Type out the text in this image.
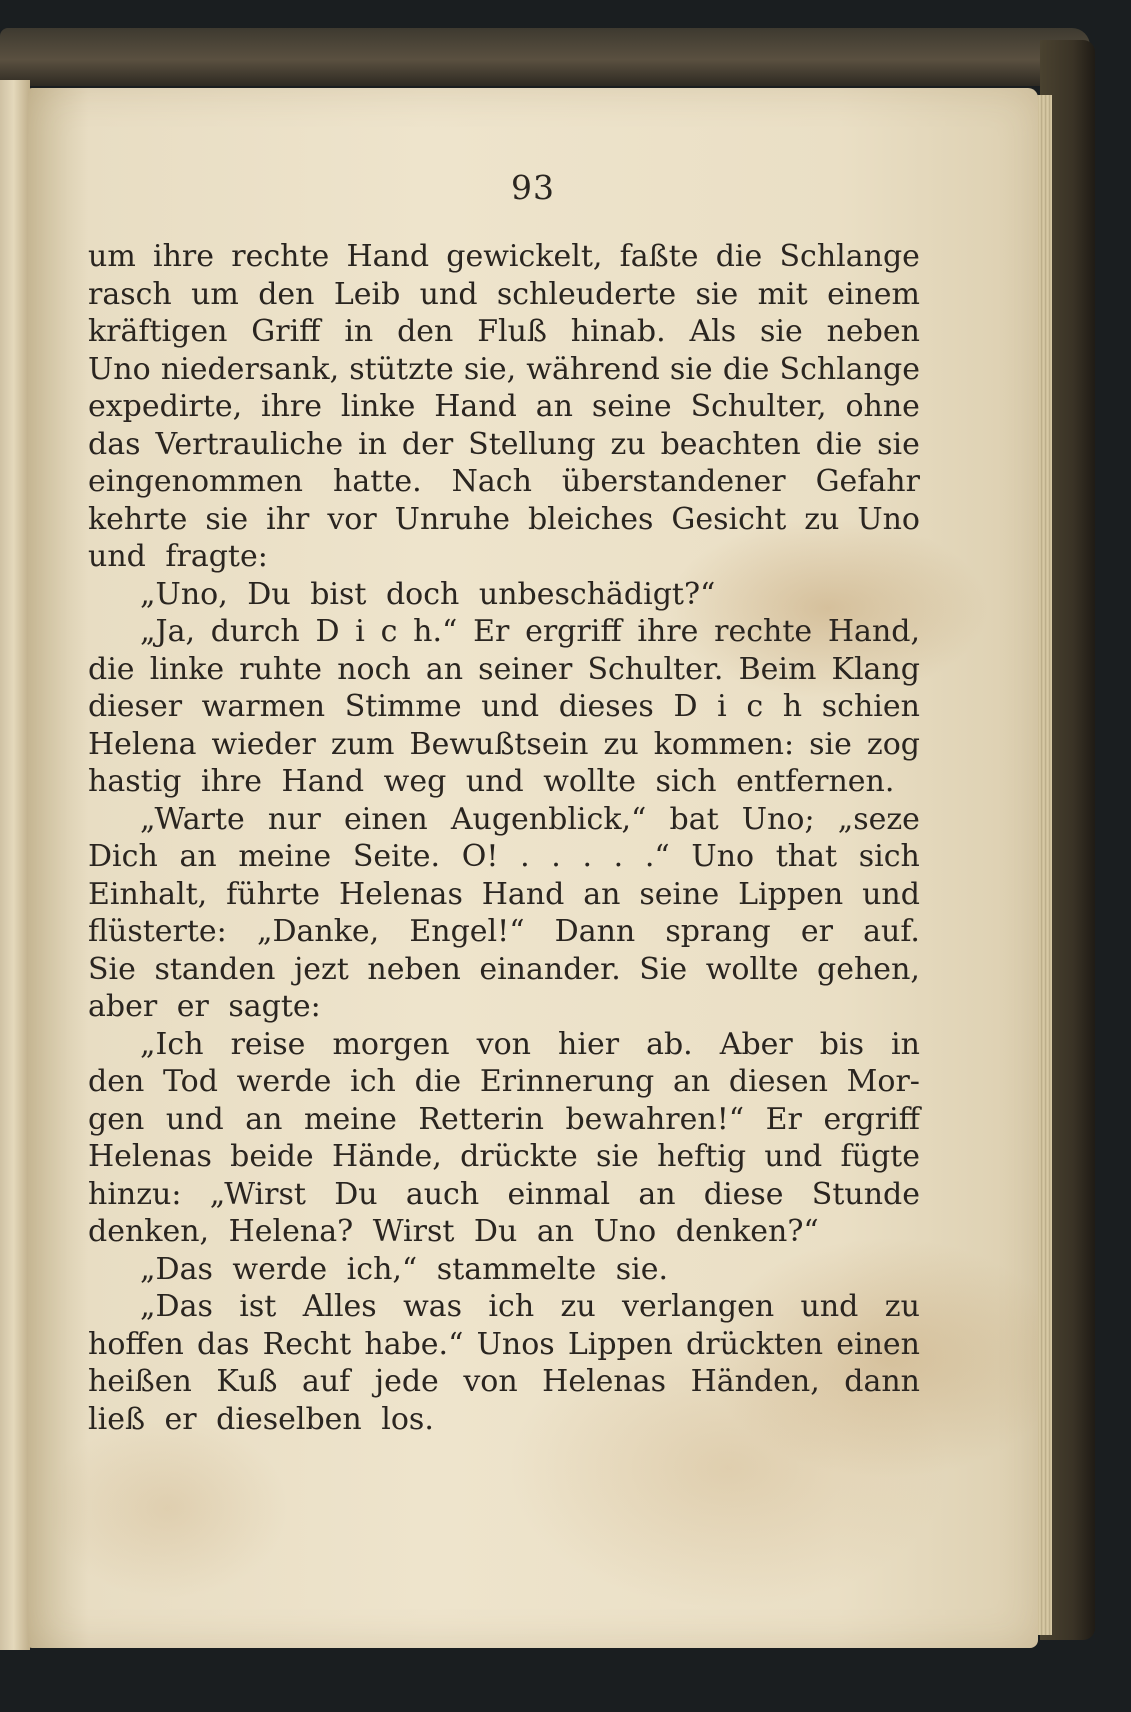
93
um ihre rechte Hand gewickelt, faßte die Schlange
rasch um den Leib und schleuderte sie mit einem
kräftigen Griff in den Fluß hinab. Als sie neben
Uno niedersank, stützte sie, während sie die Schlange
expedirte, ihre linke Hand an seine Schulter, ohne
das Vertrauliche in der Stellung zu beachten die sie
eingenommen hatte. Nach überstandener Gefahr
kehrte sie ihr vor Unruhe bleiches Gesicht zu Uno
und fragte:
„Uno, Du bist doch unbeschädigt?“
„Ja, durch D i c h.“ Er ergriff ihre rechte Hand,
die linke ruhte noch an seiner Schulter. Beim Klang
dieser warmen Stimme und dieses D i c h schien
Helena wieder zum Bewußtsein zu kommen: sie zog
hastig ihre Hand weg und wollte sich entfernen.
„Warte nur einen Augenblick,“ bat Uno; „seze
Dich an meine Seite. O! . . . . .“ Uno that sich
Einhalt, führte Helenas Hand an seine Lippen und
flüsterte: „Danke, Engel!“ Dann sprang er auf.
Sie standen jezt neben einander. Sie wollte gehen,
aber er sagte:
„Ich reise morgen von hier ab. Aber bis in
den Tod werde ich die Erinnerung an diesen Mor-
gen und an meine Retterin bewahren!“ Er ergriff
Helenas beide Hände, drückte sie heftig und fügte
hinzu: „Wirst Du auch einmal an diese Stunde
denken, Helena? Wirst Du an Uno denken?“
„Das werde ich,“ stammelte sie.
„Das ist Alles was ich zu verlangen und zu
hoffen das Recht habe.“ Unos Lippen drückten einen
heißen Kuß auf jede von Helenas Händen, dann
ließ er dieselben los.
